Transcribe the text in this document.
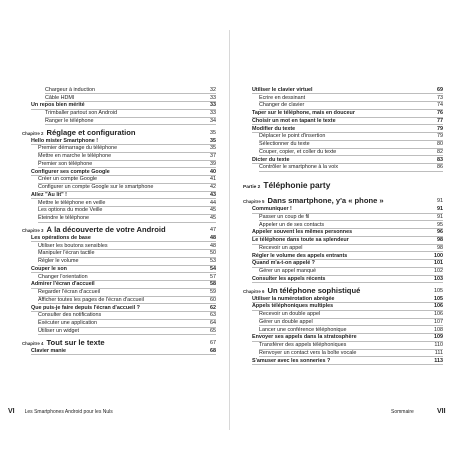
Chargeur à induction	32
Câble HDMI	33
Un repos bien mérité	33
Trimballer partout son Android	33
Ranger le téléphone	34
Chapitre 2 Réglage et configuration	35
Hello mister Smartphone !	35
Premier démarrage du téléphone	35
Mettre en marche le téléphone	37
Premier son téléphone	39
Configurer ses compte Google	40
Créer un compte Google	41
Configurer un compte Google sur le smartphone	42
Allez "Au lit" !	43
Mettre le téléphone en veille	44
Les options du mode Veille	45
Éteindre le téléphone	45
Chapitre 3 À la découverte de votre Android	47
Les opérations de base	48
Utiliser les boutons sensibles	48
Manipuler l'écran tactile	50
Régler le volume	53
Couper le son	54
Changer l'orientation	57
Admirer l'écran d'accueil	58
Regarder l'écran d'accueil	59
Afficher toutes les pages de l'écran d'accueil	60
Que puis-je faire depuis l'écran d'accueil ?	62
Consulter des notifications	63
Exécuter une application	64
Utiliser un widget	65
Chapitre 4 Tout sur le texte	67
Clavier manie	68
VI Les Smartphones Android pour les Nuls
Utiliser le clavier virtuel	69
Écrire en dessinant	73
Changer de clavier	74
Taper sur le téléphone, mais en douceur	76
Choisir un mot en tapant le texte	77
Modifier du texte	79
Déplacer le point d'insertion	79
Sélectionner du texte	80
Couper, copier, et coller du texte	82
Dicter du texte	83
Contrôler le smartphone à la voix	86
Partie 2 Téléphonie party
Chapitre 5 Dans smartphone, y'a « phone »	91
Communiquer !	91
Passer un coup de fil	91
Appeler un de ses contacts	95
Appeler souvent les mêmes personnes	96
Le téléphone dans toute sa splendeur	98
Recevoir un appel	98
Régler le volume des appels entrants	100
Quand m'a-t-on appelé ?	101
Gérer un appel manqué	102
Consulter les appels récents	103
Chapitre 6 Un téléphone sophistiqué	105
Utiliser la numérotation abrégée	105
Appels téléphoniques multiples	106
Recevoir un double appel	106
Gérer un double appel	107
Lancer une conférence téléphonique	108
Envoyer ses appels dans la stratosphère	109
Transférer des appels téléphoniques	110
Renvoyer un contact vers la boîte vocale	111
S'amuser avec les sonneries ?	113
Sommaire	VII
